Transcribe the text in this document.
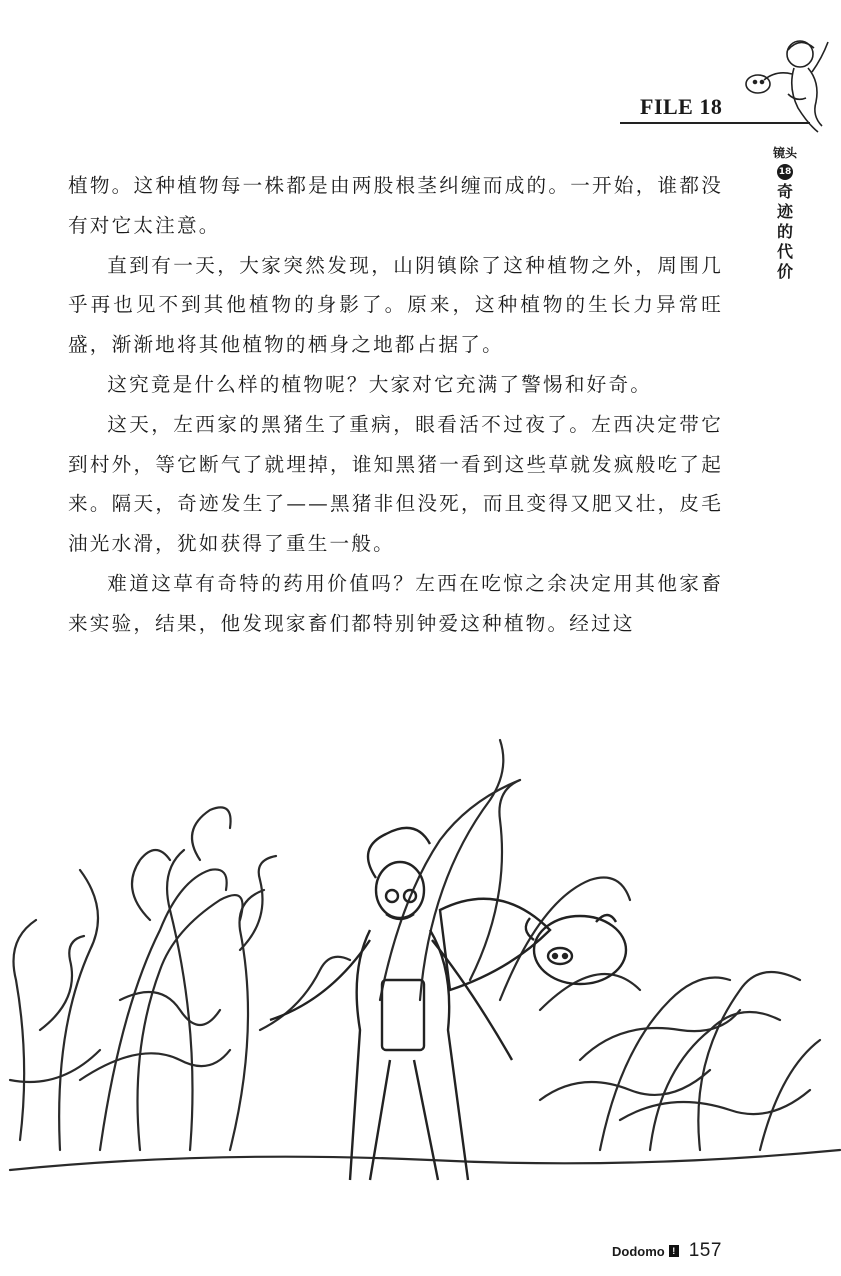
FILE 18
镜头
18
奇
迹
的
代
价

植物。这种植物每一株都是由两股根茎纠缠而成的。一开始，谁都没有对它太注意。

直到有一天，大家突然发现，山阴镇除了这种植物之外，周围几乎再也见不到其他植物的身影了。原来，这种植物的生长力异常旺盛，渐渐地将其他植物的栖身之地都占据了。

这究竟是什么样的植物呢？大家对它充满了警惕和好奇。

这天，左西家的黑猪生了重病，眼看活不过夜了。左西决定带它到村外，等它断气了就埋掉，谁知黑猪一看到这些草就发疯般吃了起来。隔天，奇迹发生了——黑猪非但没死，而且变得又肥又壮，皮毛油光水滑，犹如获得了重生一般。

难道这草有奇特的药用价值吗？左西在吃惊之余决定用其他家畜来实验，结果，他发现家畜们都特别钟爱这种植物。经过这

Dodomo ! 157
